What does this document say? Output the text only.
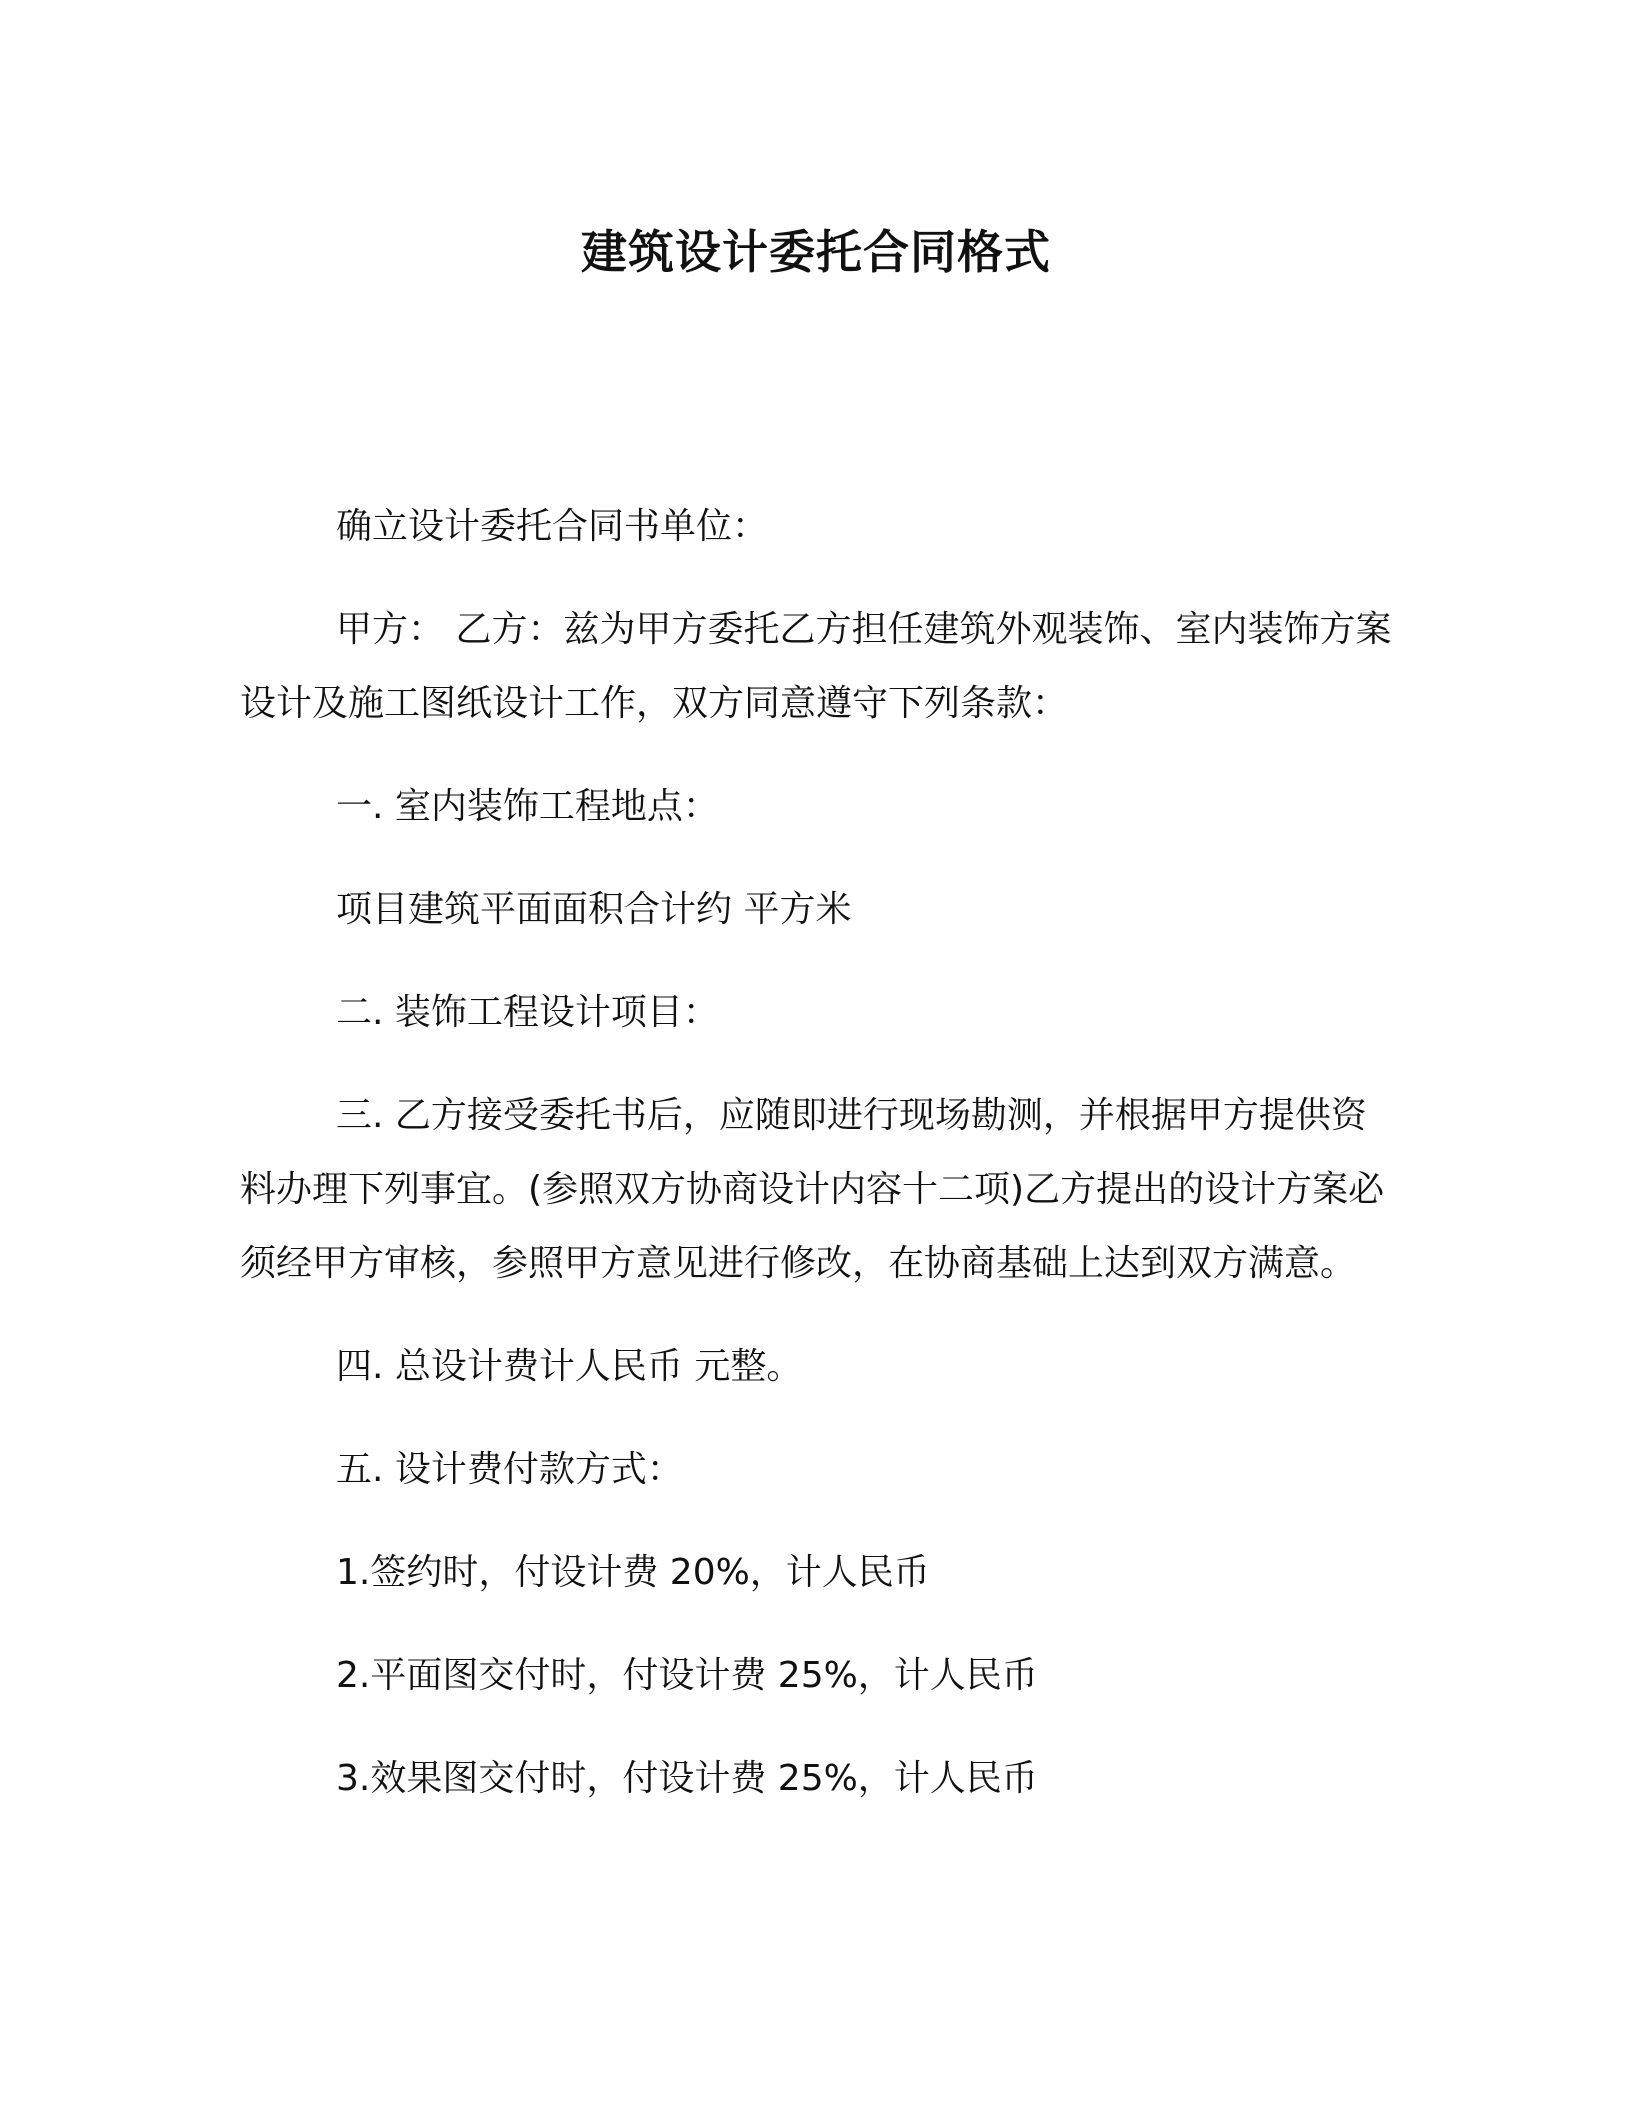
建筑设计委托合同格式

确立设计委托合同书单位：

甲方： 乙方：兹为甲方委托乙方担任建筑外观装饰、室内装饰方案设计及施工图纸设计工作，双方同意遵守下列条款：

一. 室内装饰工程地点：

项目建筑平面面积合计约 平方米

二. 装饰工程设计项目：

三. 乙方接受委托书后，应随即进行现场勘测，并根据甲方提供资料办理下列事宜。(参照双方协商设计内容十二项)乙方提出的设计方案必须经甲方审核，参照甲方意见进行修改，在协商基础上达到双方满意。

四. 总设计费计人民币 元整。

五. 设计费付款方式：

1.签约时，付设计费 20%，计人民币

2.平面图交付时，付设计费 25%，计人民币

3.效果图交付时，付设计费 25%，计人民币
